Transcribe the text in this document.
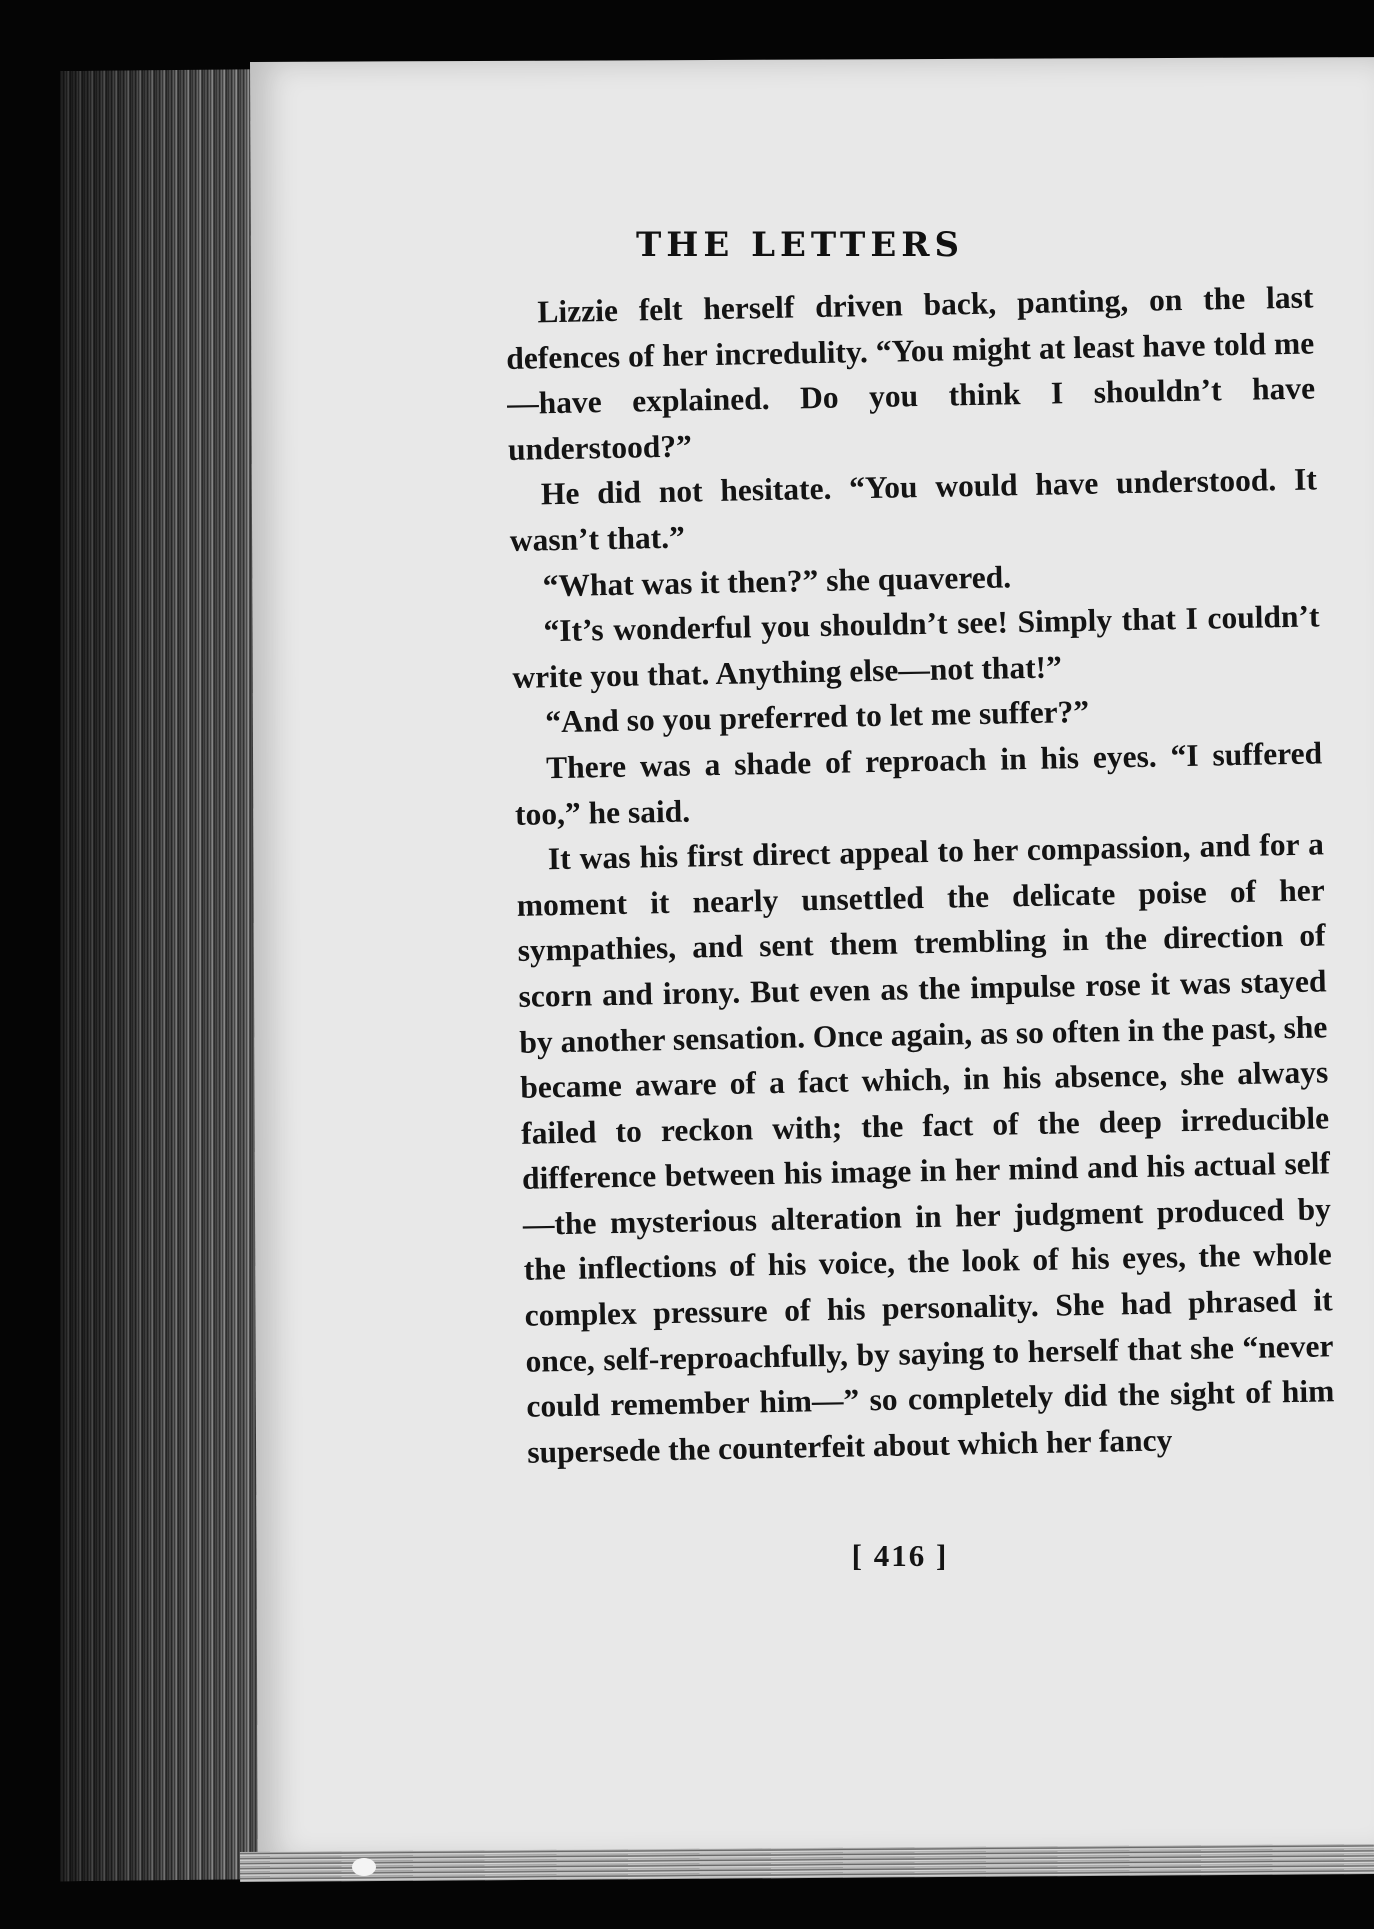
THE LETTERS

Lizzie felt herself driven back, panting, on the last defences of her incredulity. “You might at least have told me—have explained. Do you think I shouldn’t have understood?”

He did not hesitate. “You would have understood. It wasn’t that.”

“What was it then?” she quavered.

“It’s wonderful you shouldn’t see! Simply that I couldn’t write you that. Anything else—not that!”

“And so you preferred to let me suffer?”

There was a shade of reproach in his eyes. “I suffered too,” he said.

It was his first direct appeal to her compassion, and for a moment it nearly unsettled the delicate poise of her sympathies, and sent them trembling in the direction of scorn and irony. But even as the impulse rose it was stayed by another sensation. Once again, as so often in the past, she became aware of a fact which, in his absence, she always failed to reckon with; the fact of the deep irreducible difference between his image in her mind and his actual self—the mysterious alteration in her judgment produced by the inflections of his voice, the look of his eyes, the whole complex pressure of his personality. She had phrased it once, self-reproachfully, by saying to herself that she “never could remember him—” so completely did the sight of him supersede the counterfeit about which her fancy

[ 416 ]
